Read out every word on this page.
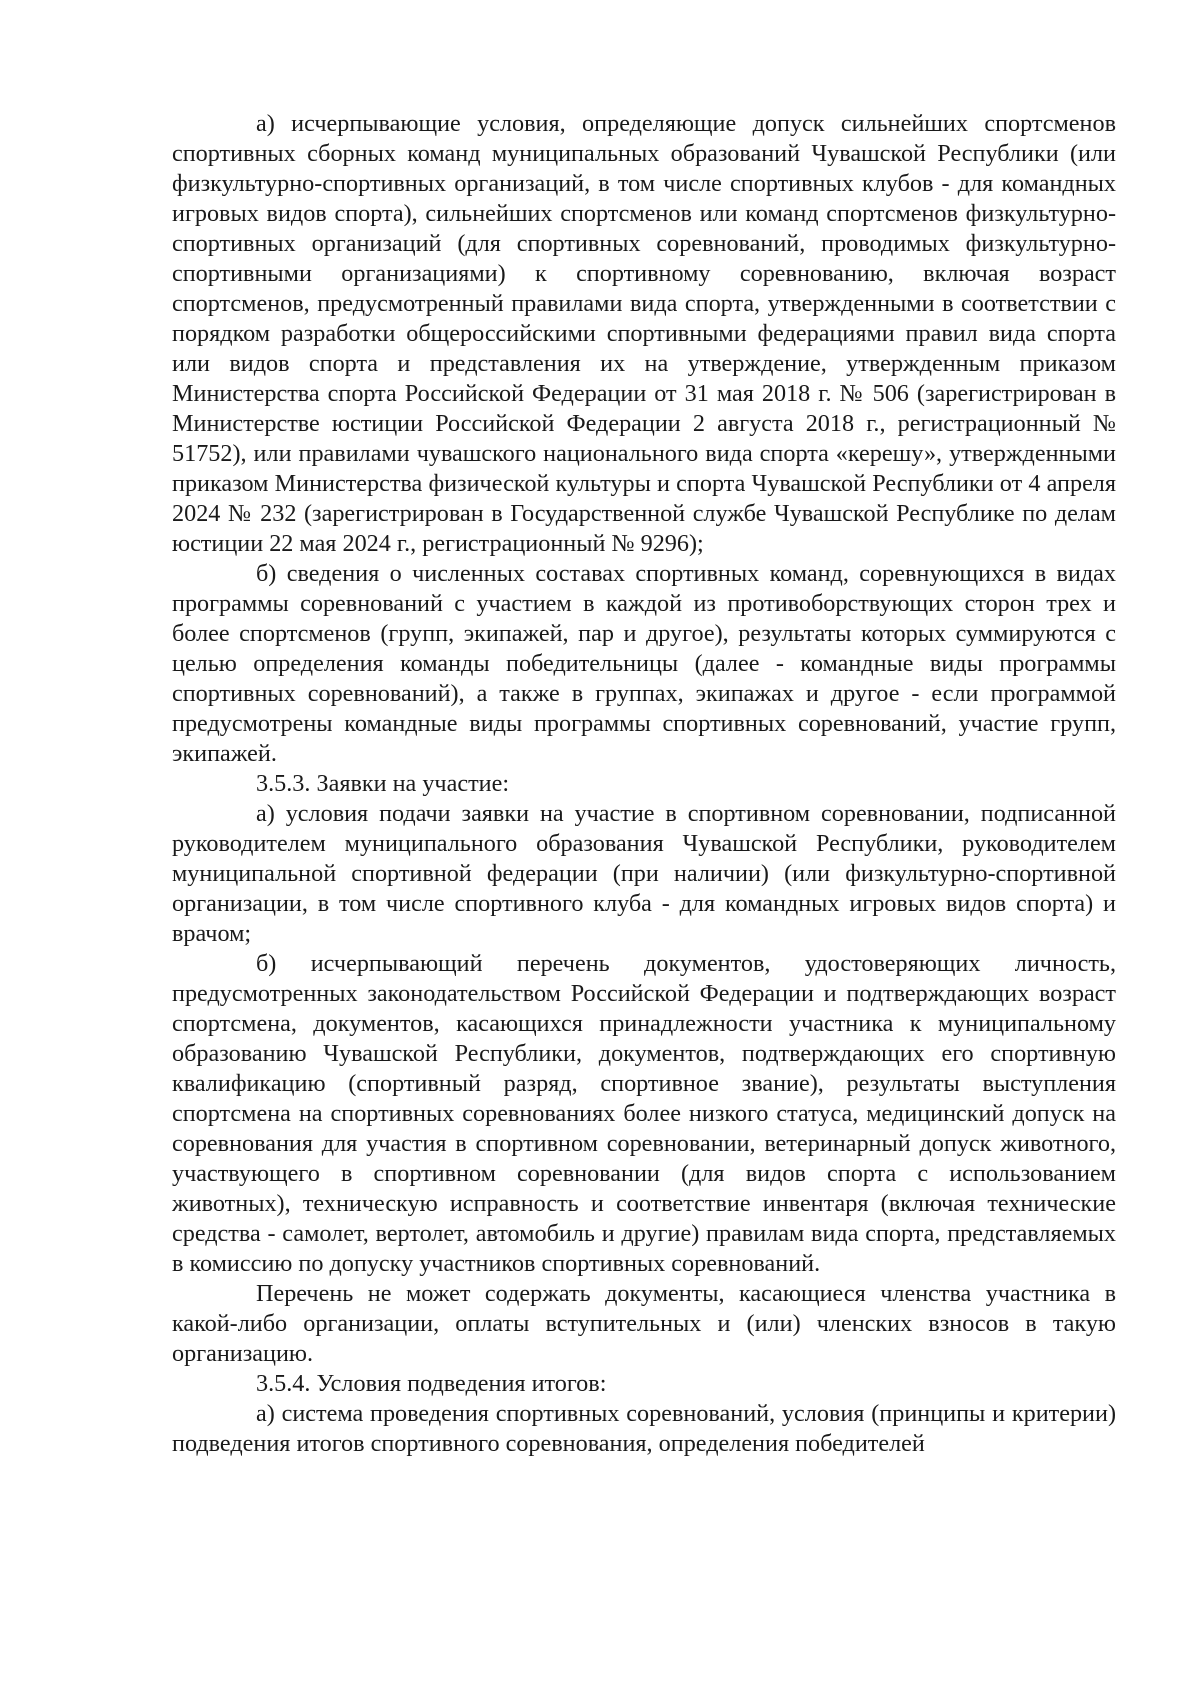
а) исчерпывающие условия, определяющие допуск сильнейших спортсменов спортивных сборных команд муниципальных образований Чувашской Республики (или физкультурно-спортивных организаций, в том числе спортивных клубов - для командных игровых видов спорта), сильнейших спортсменов или команд спортсменов физкультурно-спортивных организаций (для спортивных соревнований, проводимых физкультурно-спортивными организациями) к спортивному соревнованию, включая возраст спортсменов, предусмотренный правилами вида спорта, утвержденными в соответствии с порядком разработки общероссийскими спортивными федерациями правил вида спорта или видов спорта и представления их на утверждение, утвержденным приказом Министерства спорта Российской Федерации от 31 мая 2018 г. № 506 (зарегистрирован в Министерстве юстиции Российской Федерации 2 августа 2018 г., регистрационный № 51752), или правилами чувашского национального вида спорта «керешу», утвержденными приказом Министерства физической культуры и спорта Чувашской Республики от 4 апреля 2024 № 232 (зарегистрирован в Государственной службе Чувашской Республике по делам юстиции 22 мая 2024 г., регистрационный № 9296);

б) сведения о численных составах спортивных команд, соревнующихся в видах программы соревнований с участием в каждой из противоборствующих сторон трех и более спортсменов (групп, экипажей, пар и другое), результаты которых суммируются с целью определения команды победительницы (далее - командные виды программы спортивных соревнований), а также в группах, экипажах и другое - если программой предусмотрены командные виды программы спортивных соревнований, участие групп, экипажей.

3.5.3. Заявки на участие:

а) условия подачи заявки на участие в спортивном соревновании, подписанной руководителем муниципального образования Чувашской Республики, руководителем муниципальной спортивной федерации (при наличии) (или физкультурно-спортивной организации, в том числе спортивного клуба - для командных игровых видов спорта) и врачом;

б) исчерпывающий перечень документов, удостоверяющих личность, предусмотренных законодательством Российской Федерации и подтверждающих возраст спортсмена, документов, касающихся принадлежности участника к муниципальному образованию Чувашской Республики, документов, подтверждающих его спортивную квалификацию (спортивный разряд, спортивное звание), результаты выступления спортсмена на спортивных соревнованиях более низкого статуса, медицинский допуск на соревнования для участия в спортивном соревновании, ветеринарный допуск животного, участвующего в спортивном соревновании (для видов спорта с использованием животных), техническую исправность и соответствие инвентаря (включая технические средства - самолет, вертолет, автомобиль и другие) правилам вида спорта, представляемых в комиссию по допуску участников спортивных соревнований.

Перечень не может содержать документы, касающиеся членства участника в какой-либо организации, оплаты вступительных и (или) членских взносов в такую организацию.

3.5.4. Условия подведения итогов:

а) система проведения спортивных соревнований, условия (принципы и критерии) подведения итогов спортивного соревнования, определения победителей
